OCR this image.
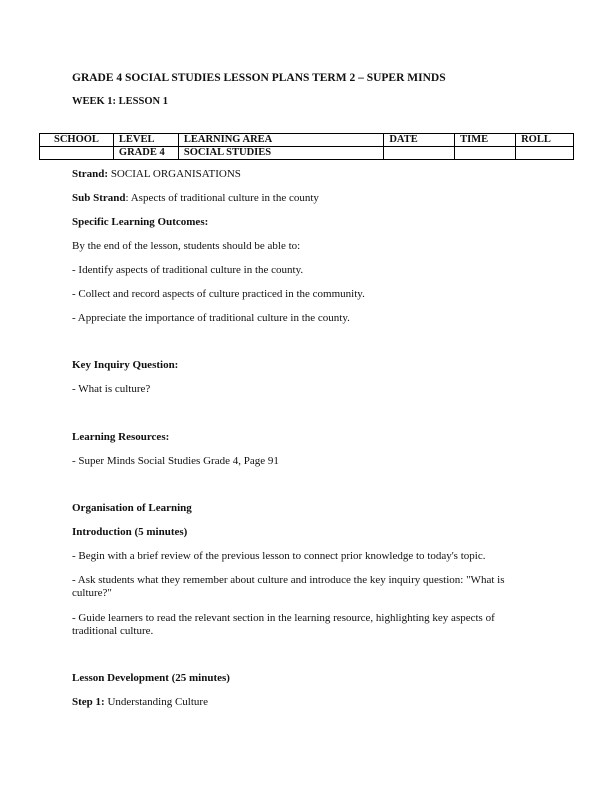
GRADE 4 SOCIAL STUDIES LESSON PLANS TERM 2 – SUPER MINDS

WEEK 1: LESSON 1

SCHOOL	LEVEL	LEARNING AREA	DATE	TIME	ROLL
	GRADE 4	SOCIAL STUDIES			

Strand: SOCIAL ORGANISATIONS

Sub Strand: Aspects of traditional culture in the county

Specific Learning Outcomes:

By the end of the lesson, students should be able to:

- Identify aspects of traditional culture in the county.

- Collect and record aspects of culture practiced in the community.

- Appreciate the importance of traditional culture in the county.

Key Inquiry Question:

- What is culture?

Learning Resources:

- Super Minds Social Studies Grade 4, Page 91

Organisation of Learning

Introduction (5 minutes)

- Begin with a brief review of the previous lesson to connect prior knowledge to today's topic.

- Ask students what they remember about culture and introduce the key inquiry question: "What is culture?"

- Guide learners to read the relevant section in the learning resource, highlighting key aspects of traditional culture.

Lesson Development (25 minutes)

Step 1: Understanding Culture
